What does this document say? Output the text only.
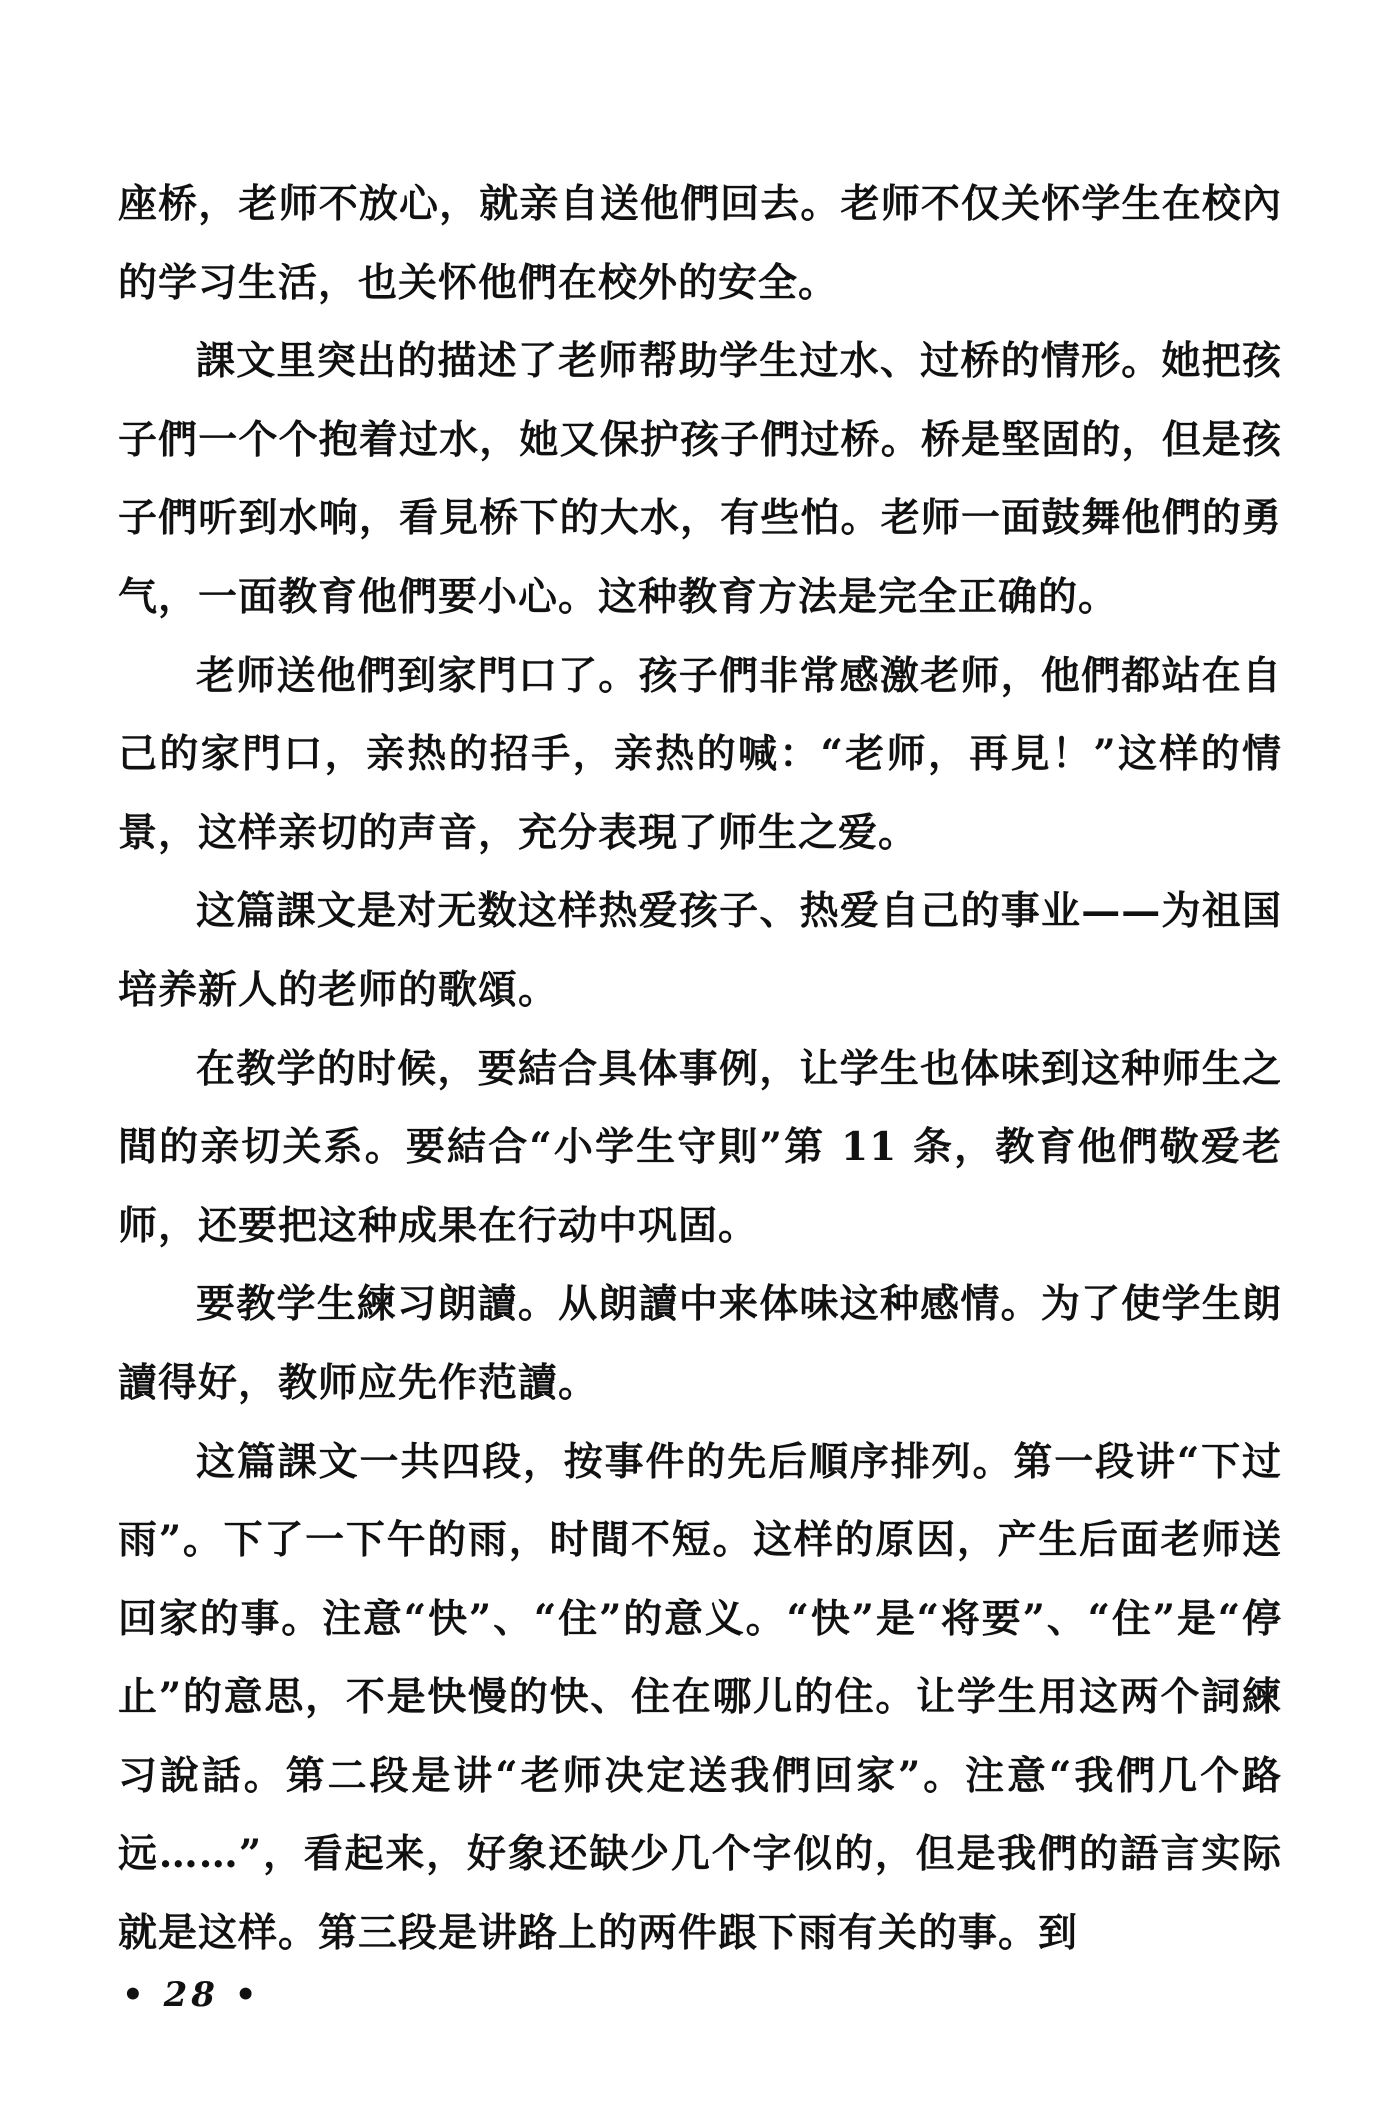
座桥，老师不放心，就亲自送他們回去。老师不仅关怀学生在校內的学习生活，也关怀他們在校外的安全。

課文里突出的描述了老师帮助学生过水、过桥的情形。她把孩子們一个个抱着过水，她又保护孩子們过桥。桥是堅固的，但是孩子們听到水响，看見桥下的大水，有些怕。老师一面鼓舞他們的勇气，一面教育他們要小心。这种教育方法是完全正确的。

老师送他們到家門口了。孩子們非常感激老师，他們都站在自己的家門口，亲热的招手，亲热的喊：“老师，再見！”这样的情景，这样亲切的声音，充分表現了师生之爱。

这篇課文是对无数这样热爱孩子、热爱自己的事业——为祖国培养新人的老师的歌頌。

在教学的时候，要結合具体事例，让学生也体味到这种师生之間的亲切关系。要結合“小学生守則”第 11 条，教育他們敬爱老师，还要把这种成果在行动中巩固。

要教学生練习朗讀。从朗讀中来体味这种感情。为了使学生朗讀得好，教师应先作范讀。

这篇課文一共四段，按事件的先后順序排列。第一段讲“下过雨”。下了一下午的雨，时間不短。这样的原因，产生后面老师送回家的事。注意“快”、“住”的意义。“快”是“将要”、“住”是“停止”的意思，不是快慢的快、住在哪儿的住。让学生用这两个詞練习說話。第二段是讲“老师决定送我們回家”。注意“我們几个路远……”，看起来，好象还缺少几个字似的，但是我們的語言实际就是这样。第三段是讲路上的两件跟下雨有关的事。到

• 28 •
